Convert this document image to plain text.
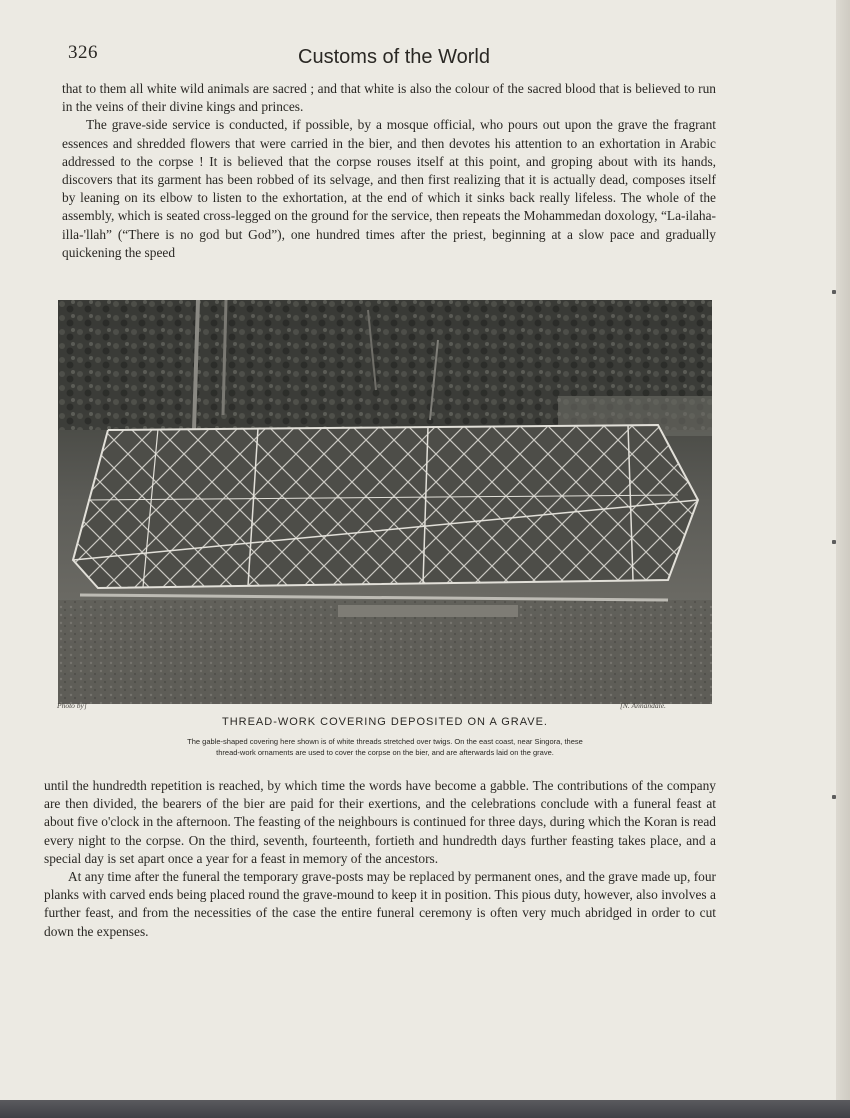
326	Customs of the World

that to them all white wild animals are sacred ; and that white is also the colour of the sacred blood that is believed to run in the veins of their divine kings and princes.

The grave-side service is conducted, if possible, by a mosque official, who pours out upon the grave the fragrant essences and shredded flowers that were carried in the bier, and then devotes his attention to an exhortation in Arabic addressed to the corpse ! It is believed that the corpse rouses itself at this point, and groping about with its hands, discovers that its garment has been robbed of its selvage, and then first realizing that it is actually dead, composes itself by leaning on its elbow to listen to the exhortation, at the end of which it sinks back really lifeless. The whole of the assembly, which is seated cross-legged on the ground for the service, then repeats the Mohammedan doxology, “La-ilaha-illa-'llah” (“There is no god but God”), one hundred times after the priest, beginning at a slow pace and gradually quickening the speed

Photo by]	[N. Annandale.
THREAD-WORK COVERING DEPOSITED ON A GRAVE.
The gable-shaped covering here shown is of white threads stretched over twigs. On the east coast, near Singora, these
thread-work ornaments are used to cover the corpse on the bier, and are afterwards laid on the grave.

until the hundredth repetition is reached, by which time the words have become a gabble. The contributions of the company are then divided, the bearers of the bier are paid for their exertions, and the celebrations conclude with a funeral feast at about five o'clock in the afternoon. The feasting of the neighbours is continued for three days, during which the Koran is read every night to the corpse. On the third, seventh, fourteenth, fortieth and hundredth days further feasting takes place, and a special day is set apart once a year for a feast in memory of the ancestors.

At any time after the funeral the temporary grave-posts may be replaced by permanent ones, and the grave made up, four planks with carved ends being placed round the grave-mound to keep it in position. This pious duty, however, also involves a further feast, and from the necessities of the case the entire funeral ceremony is often very much abridged in order to cut down the expenses.
